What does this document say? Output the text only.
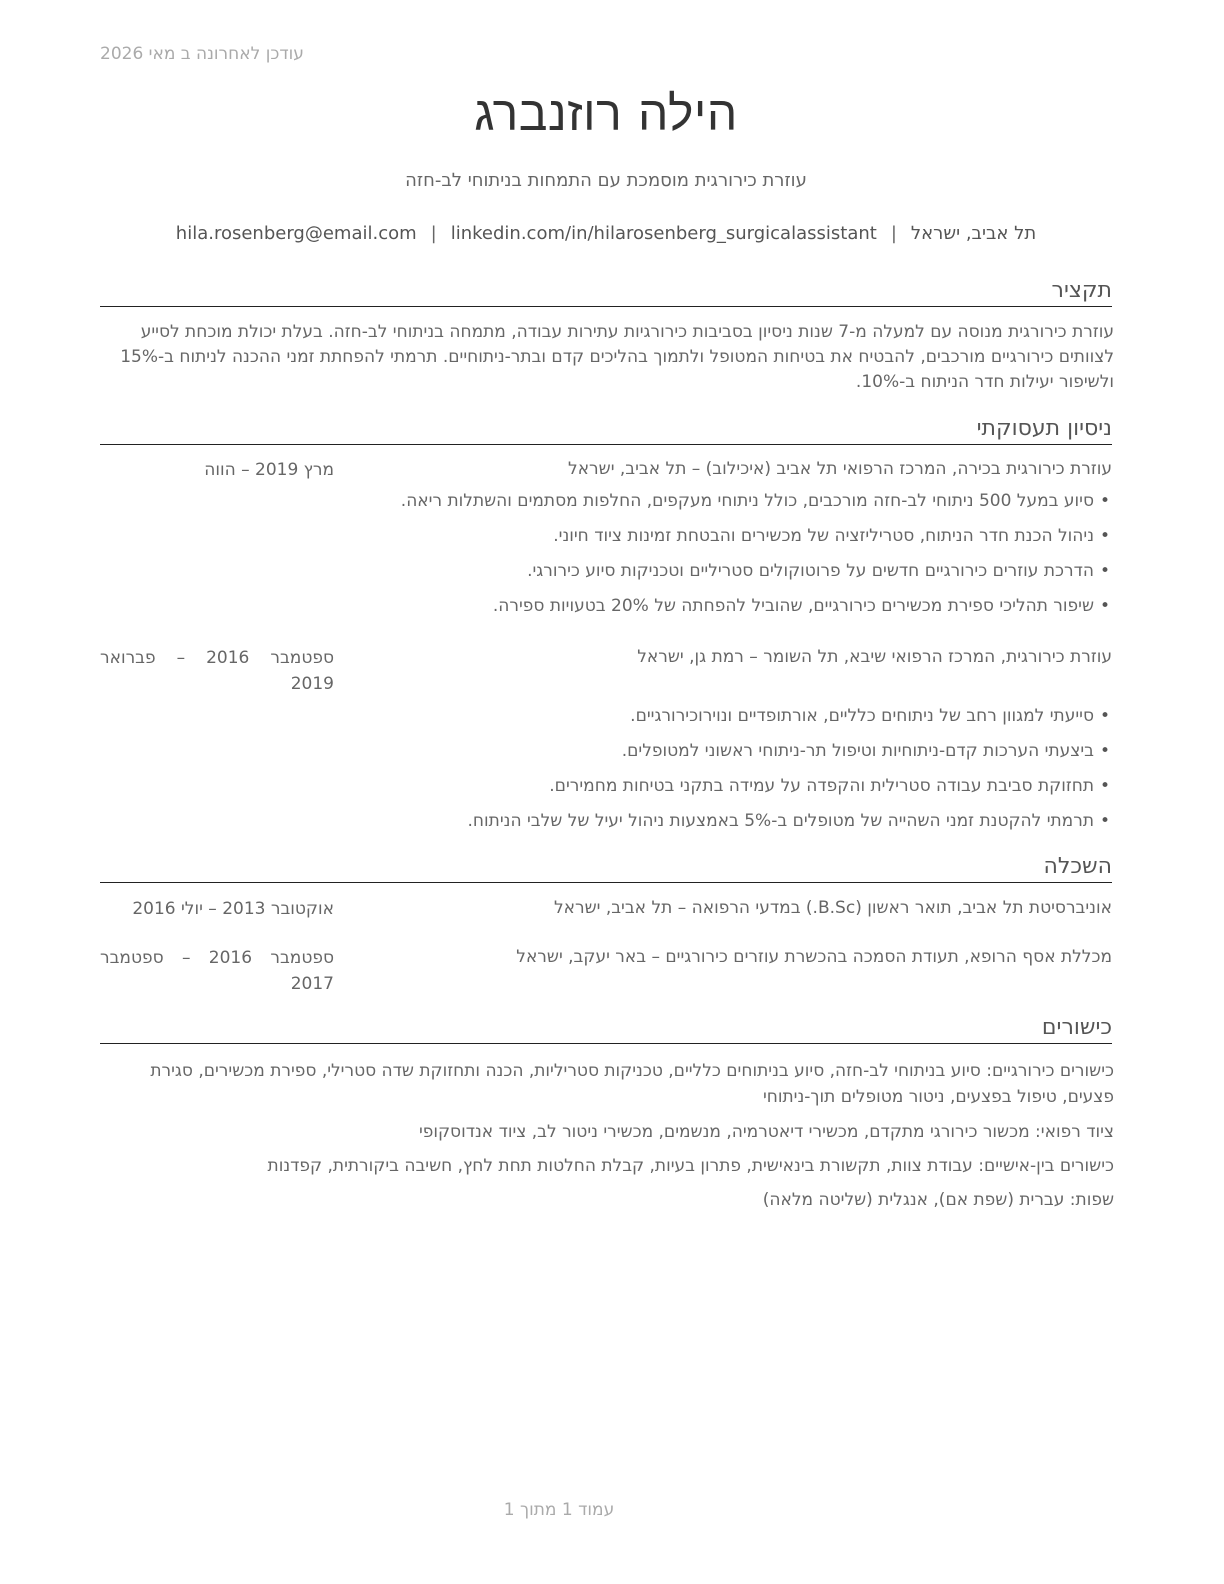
עודכן לאחרונה ב מאי 2026
הילה רוזנברג
עוזרת כירורגית מוסמכת עם התמחות בניתוחי לב-חזה
תל אביב, ישראל|hila.rosenberg@email.com | linkedin.com/in/hilarosenberg_surgicalassistant
תקציר
עוזרת כירורגית מנוסה עם למעלה מ-7 שנות ניסיון בסביבות כירורגיות עתירות עבודה, מתמחה בניתוחי לב-חזה. בעלת יכולת מוכחת לסייע לצוותים כירורגיים מורכבים, להבטיח את בטיחות המטופל ולתמוך בהליכים קדם ובתר-ניתוחיים. תרמתי להפחתת זמני ההכנה לניתוח ב-15% ולשיפור יעילות חדר הניתוח ב-10%.
ניסיון תעסוקתי
עוזרת כירורגית בכירה, המרכז הרפואי תל אביב (איכילוב) – תל אביב, ישראל
מרץ 2019 – הווה
•
סיוע במעל 500 ניתוחי לב-חזה מורכבים, כולל ניתוחי מעקפים, החלפות מסתמים והשתלות ריאה.
•
ניהול הכנת חדר הניתוח, סטריליזציה של מכשירים והבטחת זמינות ציוד חיוני.
•
הדרכת עוזרים כירורגיים חדשים על פרוטוקולים סטריליים וטכניקות סיוע כירורגי.
•
שיפור תהליכי ספירת מכשירים כירורגיים, שהוביל להפחתה של 20% בטעויות ספירה.
עוזרת כירורגית, המרכז הרפואי שיבא, תל השומר – רמת גן, ישראל
ספטמבר 2016 – פברואר 2019
•
סייעתי למגוון רחב של ניתוחים כלליים, אורתופדיים ונוירוכירורגיים.
•
ביצעתי הערכות קדם-ניתוחיות וטיפול תר-ניתוחי ראשוני למטופלים.
•
תחזוקת סביבת עבודה סטרילית והקפדה על עמידה בתקני בטיחות מחמירים.
•
תרמתי להקטנת זמני השהייה של מטופלים ב-5% באמצעות ניהול יעיל של שלבי הניתוח.
השכלה
אוניברסיטת תל אביב, תואר ראשון (B.Sc.) במדעי הרפואה – תל אביב, ישראל
אוקטובר 2013 – יולי 2016
מכללת אסף הרופא, תעודת הסמכה בהכשרת עוזרים כירורגיים – באר יעקב, ישראל
ספטמבר 2016 – ספטמבר 2017
כישורים
כישורים כירורגיים: סיוע בניתוחי לב-חזה, סיוע בניתוחים כלליים, טכניקות סטריליות, הכנה ותחזוקת שדה סטרילי, ספירת מכשירים, סגירת פצעים, טיפול בפצעים, ניטור מטופלים תוך-ניתוחי
ציוד רפואי: מכשור כירורגי מתקדם, מכשירי דיאטרמיה, מנשמים, מכשירי ניטור לב, ציוד אנדוסקופי
כישורים בין-אישיים: עבודת צוות, תקשורת בינאישית, פתרון בעיות, קבלת החלטות תחת לחץ, חשיבה ביקורתית, קפדנות
שפות: עברית (שפת אם), אנגלית (שליטה מלאה)
עמוד 1 מתוך 1
